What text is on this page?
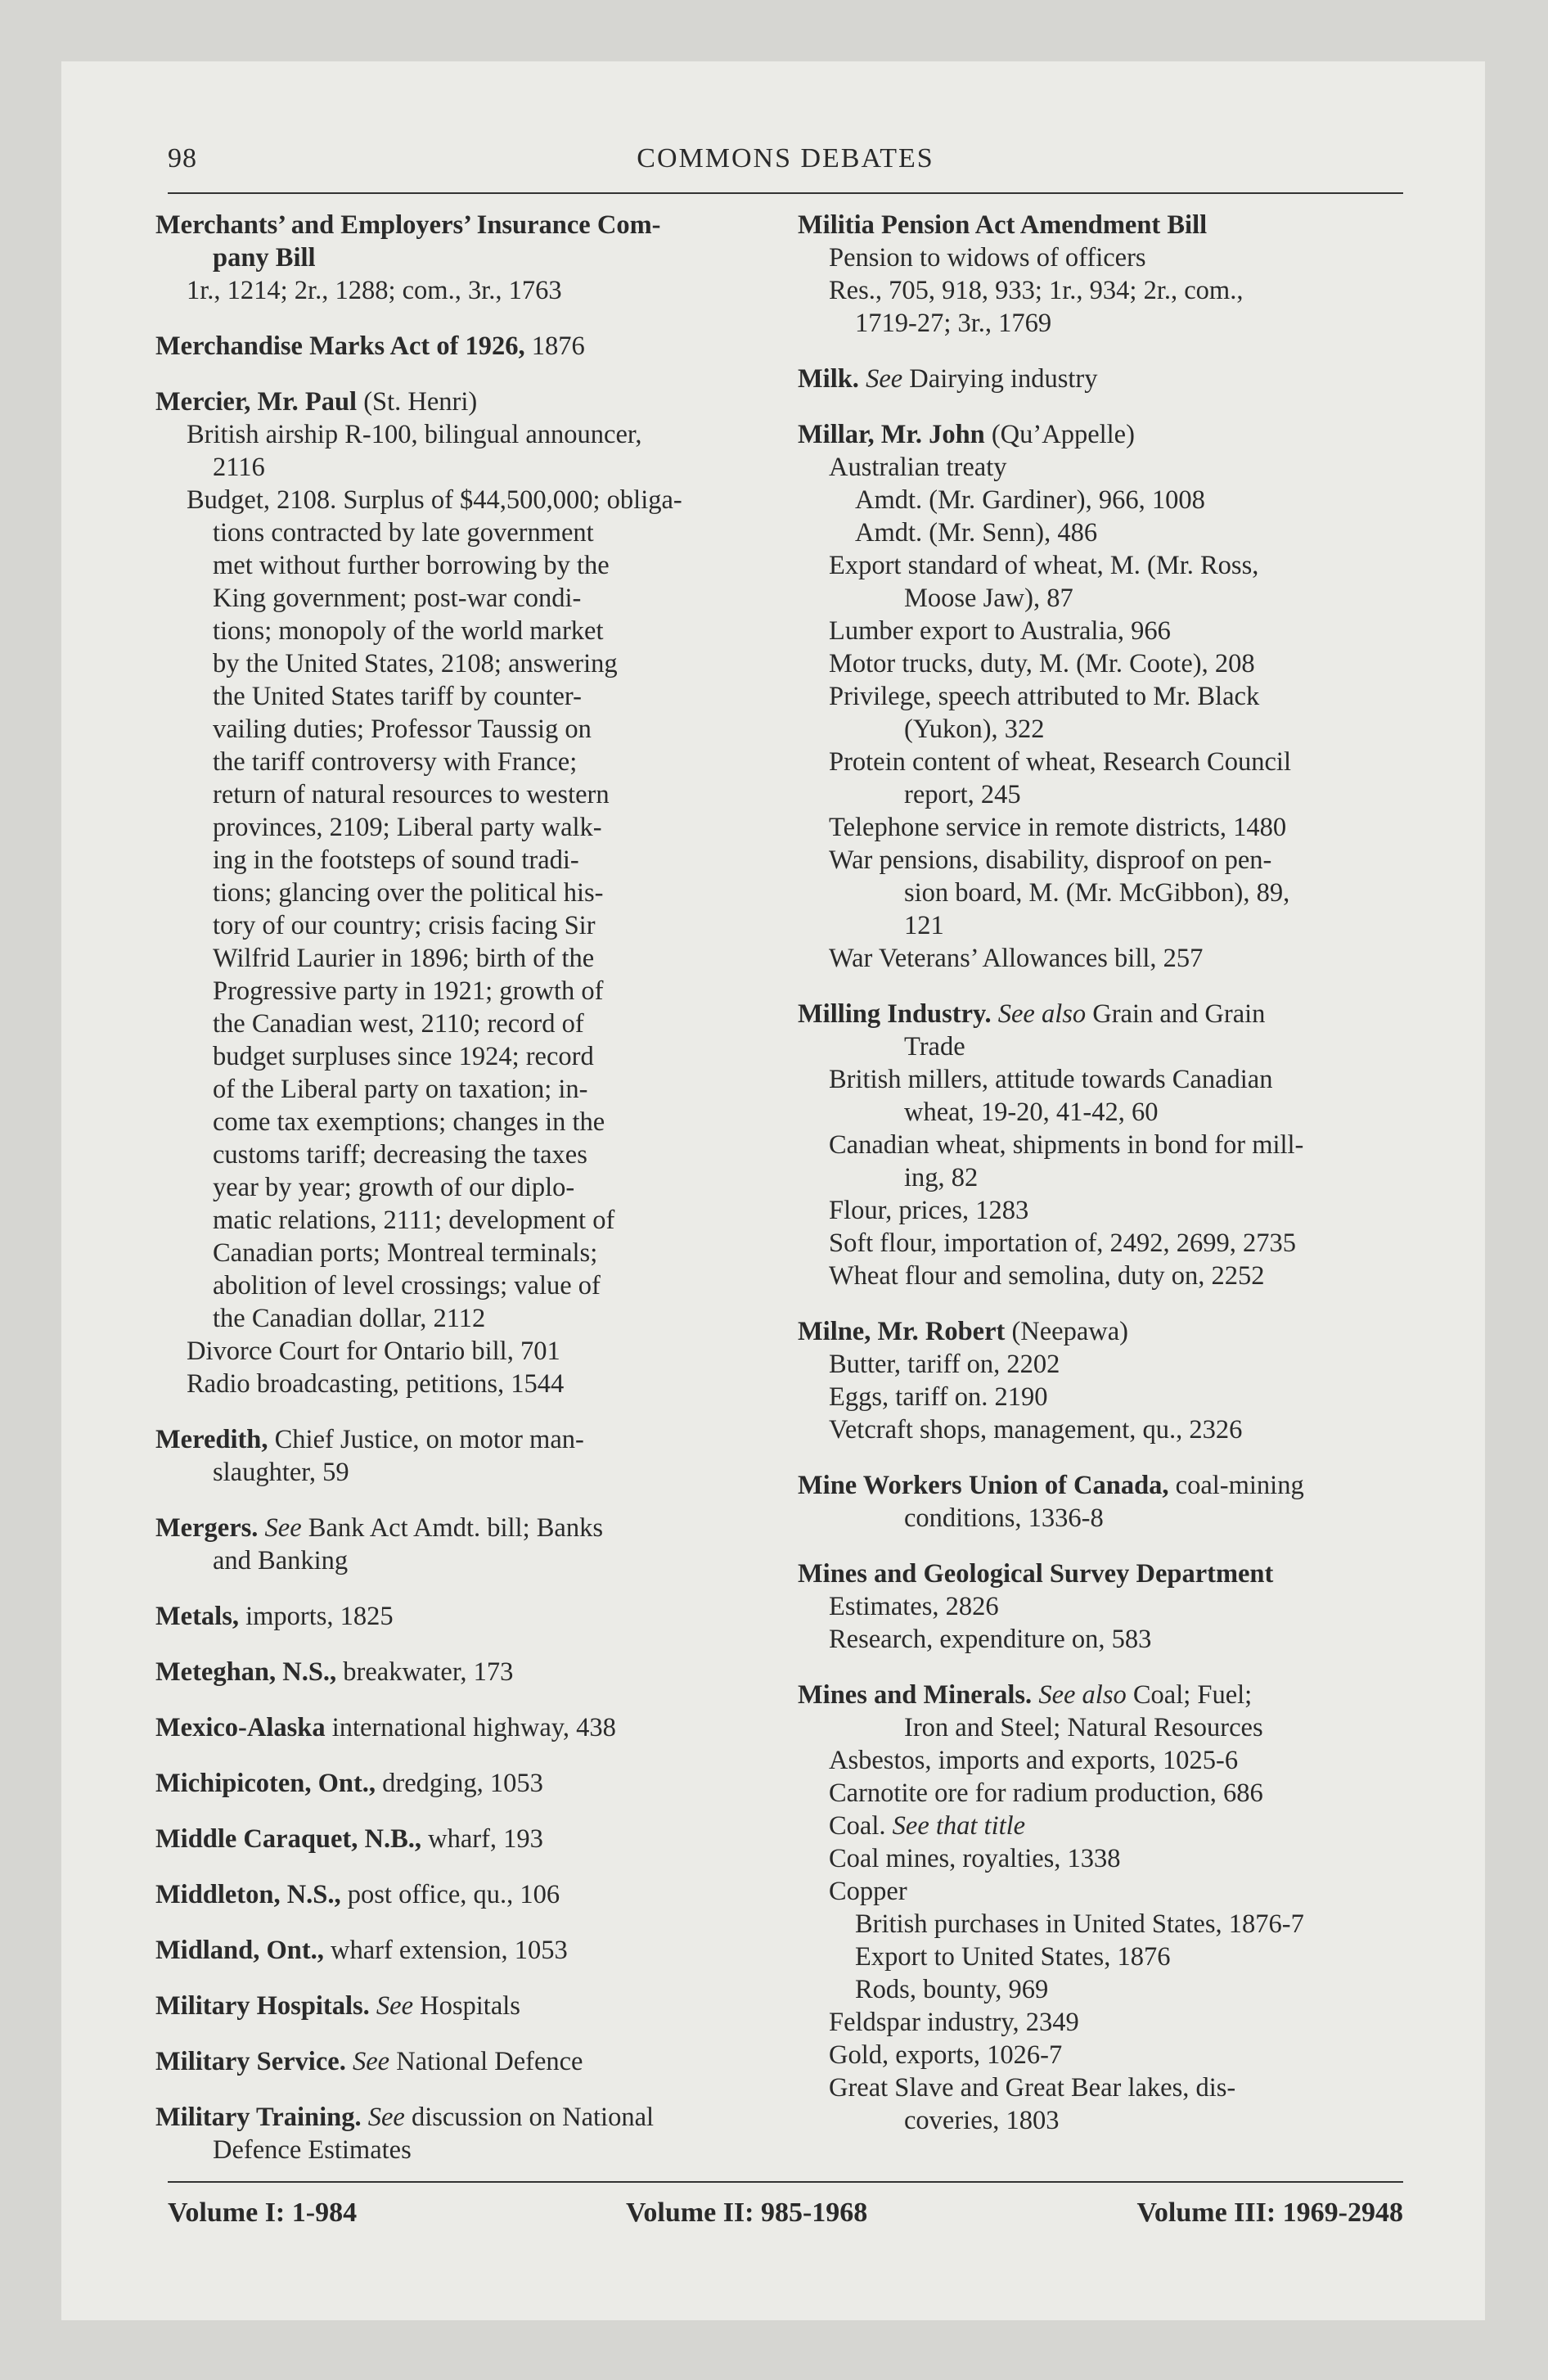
98	COMMONS DEBATES
Merchants’ and Employers’ Insurance Com-
pany Bill
1r., 1214; 2r., 1288; com., 3r., 1763
Merchandise Marks Act of 1926, 1876
Mercier, Mr. Paul (St. Henri)
British airship R-100, bilingual announcer,
2116
Budget, 2108. Surplus of $44,500,000; obliga-
tions contracted by late government
met without further borrowing by the
King government; post-war condi-
tions; monopoly of the world market
by the United States, 2108; answering
the United States tariff by counter-
vailing duties; Professor Taussig on
the tariff controversy with France;
return of natural resources to western
provinces, 2109; Liberal party walk-
ing in the footsteps of sound tradi-
tions; glancing over the political his-
tory of our country; crisis facing Sir
Wilfrid Laurier in 1896; birth of the
Progressive party in 1921; growth of
the Canadian west, 2110; record of
budget surpluses since 1924; record
of the Liberal party on taxation; in-
come tax exemptions; changes in the
customs tariff; decreasing the taxes
year by year; growth of our diplo-
matic relations, 2111; development of
Canadian ports; Montreal terminals;
abolition of level crossings; value of
the Canadian dollar, 2112
Divorce Court for Ontario bill, 701
Radio broadcasting, petitions, 1544
Meredith, Chief Justice, on motor man-
slaughter, 59
Mergers. See Bank Act Amdt. bill; Banks
and Banking
Metals, imports, 1825
Meteghan, N.S., breakwater, 173
Mexico-Alaska international highway, 438
Michipicoten, Ont., dredging, 1053
Middle Caraquet, N.B., wharf, 193
Middleton, N.S., post office, qu., 106
Midland, Ont., wharf extension, 1053
Military Hospitals. See Hospitals
Military Service. See National Defence
Military Training. See discussion on National
Defence Estimates
Militia Pension Act Amendment Bill
Pension to widows of officers
Res., 705, 918, 933; 1r., 934; 2r., com.,
1719-27; 3r., 1769
Milk. See Dairying industry
Millar, Mr. John (Qu’Appelle)
Australian treaty
Amdt. (Mr. Gardiner), 966, 1008
Amdt. (Mr. Senn), 486
Export standard of wheat, M. (Mr. Ross,
Moose Jaw), 87
Lumber export to Australia, 966
Motor trucks, duty, M. (Mr. Coote), 208
Privilege, speech attributed to Mr. Black
(Yukon), 322
Protein content of wheat, Research Council
report, 245
Telephone service in remote districts, 1480
War pensions, disability, disproof on pen-
sion board, M. (Mr. McGibbon), 89,
121
War Veterans’ Allowances bill, 257
Milling Industry. See also Grain and Grain
Trade
British millers, attitude towards Canadian
wheat, 19-20, 41-42, 60
Canadian wheat, shipments in bond for mill-
ing, 82
Flour, prices, 1283
Soft flour, importation of, 2492, 2699, 2735
Wheat flour and semolina, duty on, 2252
Milne, Mr. Robert (Neepawa)
Butter, tariff on, 2202
Eggs, tariff on. 2190
Vetcraft shops, management, qu., 2326
Mine Workers Union of Canada, coal-mining
conditions, 1336-8
Mines and Geological Survey Department
Estimates, 2826
Research, expenditure on, 583
Mines and Minerals. See also Coal; Fuel;
Iron and Steel; Natural Resources
Asbestos, imports and exports, 1025-6
Carnotite ore for radium production, 686
Coal. See that title
Coal mines, royalties, 1338
Copper
British purchases in United States, 1876-7
Export to United States, 1876
Rods, bounty, 969
Feldspar industry, 2349
Gold, exports, 1026-7
Great Slave and Great Bear lakes, dis-
coveries, 1803
Volume I: 1-984	Volume II: 985-1968	Volume III: 1969-2948
